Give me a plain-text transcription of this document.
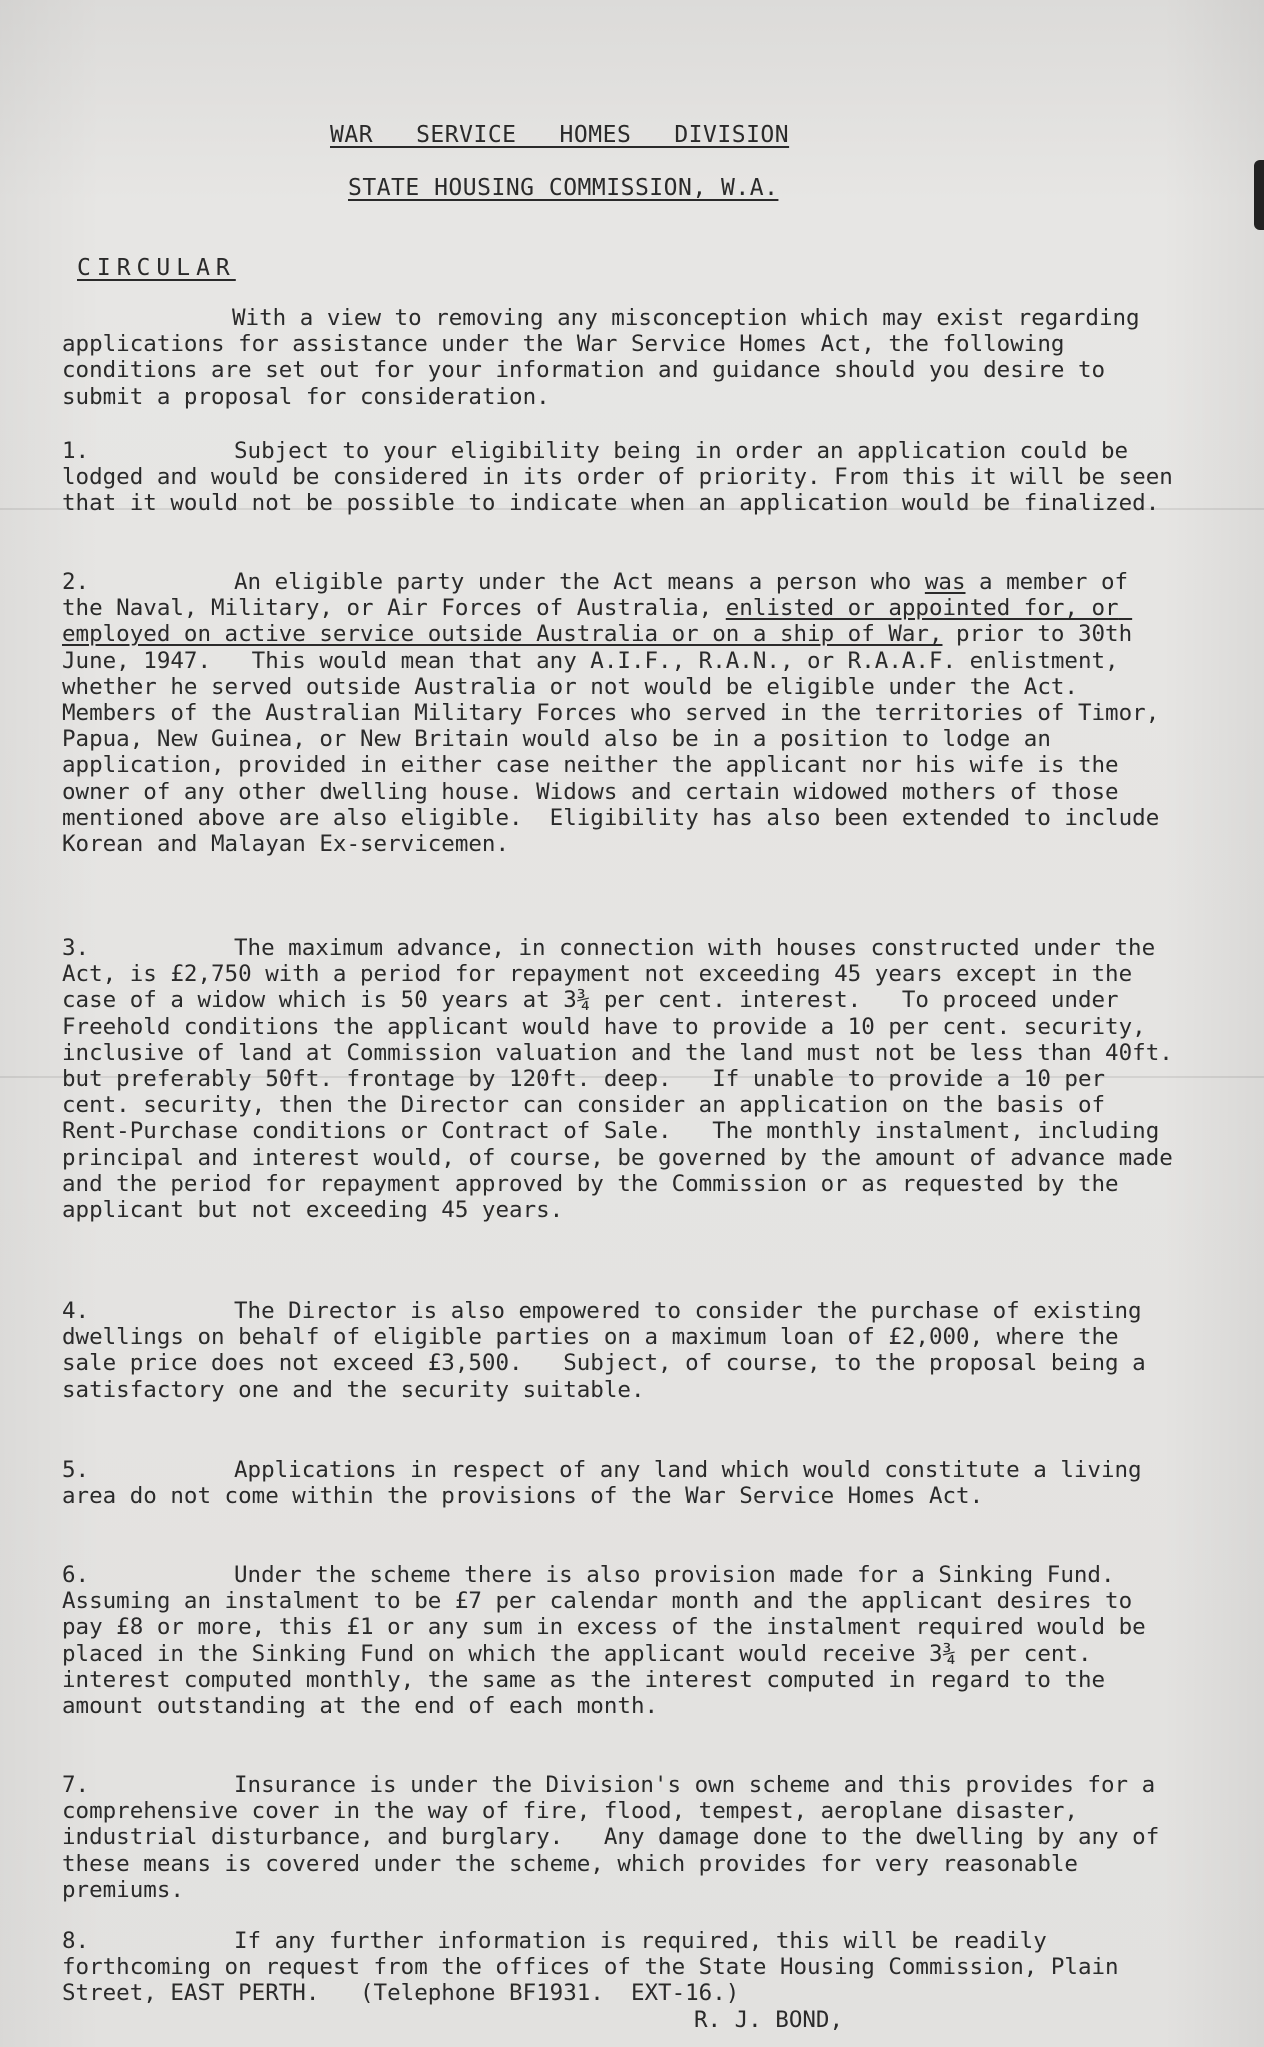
WAR   SERVICE   HOMES   DIVISION
STATE HOUSING COMMISSION, W.A.
CIRCULAR

With a view to removing any misconception which may exist regarding applications for assistance under the War Service Homes Act, the following conditions are set out for your information and guidance should you desire to submit a proposal for consideration.

1.	Subject to your eligibility being in order an application could be lodged and would be considered in its order of priority. From this it will be seen that it would not be possible to indicate when an application would be finalized.

2.	An eligible party under the Act means a person who was a member of the Naval, Military, or Air Forces of Australia, enlisted or appointed for, or employed on active service outside Australia or on a ship of War, prior to 30th June, 1947.   This would mean that any A.I.F., R.A.N., or R.A.A.F. enlistment, whether he served outside Australia or not would be eligible under the Act.   Members of the Australian Military Forces who served in the territories of Timor, Papua, New Guinea, or New Britain would also be in a position to lodge an application, provided in either case neither the applicant nor his wife is the owner of any other dwelling house. Widows and certain widowed mothers of those mentioned above are also eligible.  Eligibility has also been extended to include Korean and Malayan Ex-servicemen.

3.	The maximum advance, in connection with houses constructed under the Act, is £2,750 with a period for repayment not exceeding 45 years except in the case of a widow which is 50 years at 3¾ per cent. interest.   To proceed under Freehold conditions the applicant would have to provide a 10 per cent. security, inclusive of land at Commission valuation and the land must not be less than 40ft. but preferably 50ft. frontage by 120ft. deep.   If unable to provide a 10 per cent. security, then the Director can consider an application on the basis of Rent-Purchase conditions or Contract of Sale.   The monthly instalment, including principal and interest would, of course, be governed by the amount of advance made and the period for repayment approved by the Commission or as requested by the applicant but not exceeding 45 years.

4.	The Director is also empowered to consider the purchase of existing dwellings on behalf of eligible parties on a maximum loan of £2,000, where the sale price does not exceed £3,500.   Subject, of course, to the proposal being a satisfactory one and the security suitable.

5.	Applications in respect of any land which would constitute a living area do not come within the provisions of the War Service Homes Act.

6.	Under the scheme there is also provision made for a Sinking Fund.   Assuming an instalment to be £7 per calendar month and the applicant desires to pay £8 or more, this £1 or any sum in excess of the instalment required would be placed in the Sinking Fund on which the applicant would receive 3¾ per cent. interest computed monthly, the same as the interest computed in regard to the amount outstanding at the end of each month.

7.	Insurance is under the Division's own scheme and this provides for a comprehensive cover in the way of fire, flood, tempest, aeroplane disaster, industrial disturbance, and burglary.   Any damage done to the dwelling by any of these means is covered under the scheme, which provides for very reasonable premiums.

8.	If any further information is required, this will be readily forthcoming on request from the offices of the State Housing Commission, Plain Street, EAST PERTH.   (Telephone BF1931.  EXT-16.)

R. J. BOND,
